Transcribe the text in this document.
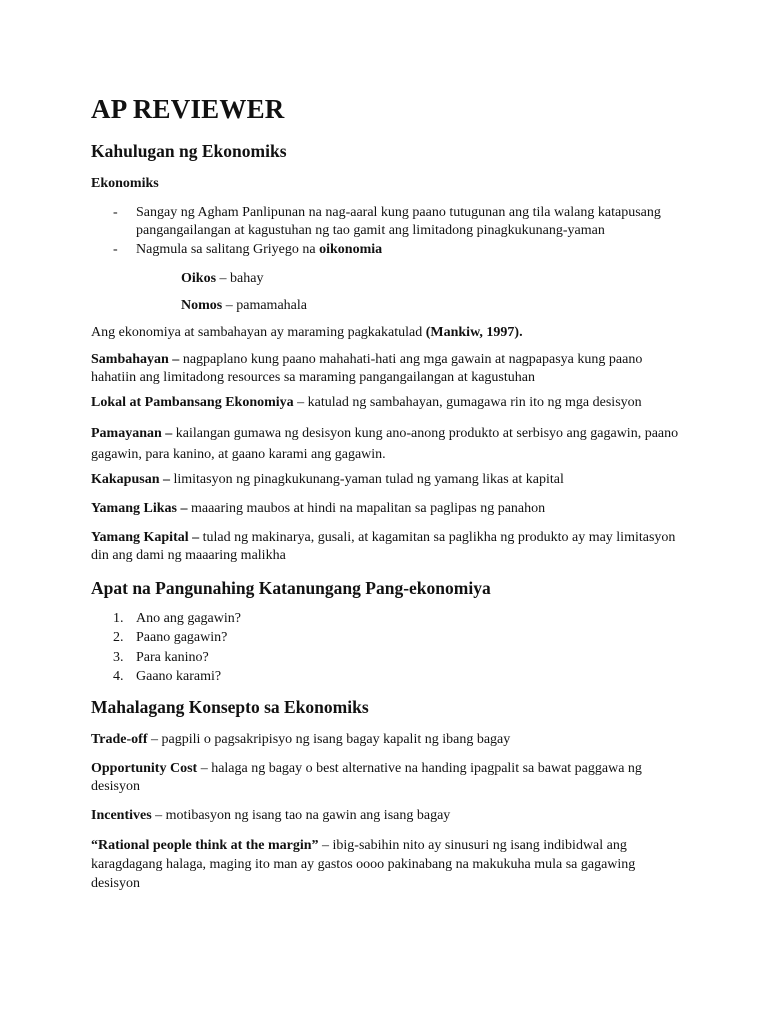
AP REVIEWER
Kahulugan ng Ekonomiks
Ekonomiks
- Sangay ng Agham Panlipunan na nag-aaral kung paano tutugunan ang tila walang katapusang pangangailangan at kagustuhan ng tao gamit ang limitadong pinagkukunang-yaman
- Nagmula sa salitang Griyego na oikonomia
Oikos – bahay
Nomos – pamamahala
Ang ekonomiya at sambahayan ay maraming pagkakatulad (Mankiw, 1997).
Sambahayan – nagpaplano kung paano mahahati-hati ang mga gawain at nagpapasya kung paano hahatiin ang limitadong resources sa maraming pangangailangan at kagustuhan
Lokal at Pambansang Ekonomiya – katulad ng sambahayan, gumagawa rin ito ng mga desisyon
Pamayanan – kailangan gumawa ng desisyon kung ano-anong produkto at serbisyo ang gagawin, paano gagawin, para kanino, at gaano karami ang gagawin.
Kakapusan – limitasyon ng pinagkukunang-yaman tulad ng yamang likas at kapital
Yamang Likas – maaaring maubos at hindi na mapalitan sa paglipas ng panahon
Yamang Kapital – tulad ng makinarya, gusali, at kagamitan sa paglikha ng produkto ay may limitasyon din ang dami ng maaaring malikha
Apat na Pangunahing Katanungang Pang-ekonomiya
1. Ano ang gagawin?
2. Paano gagawin?
3. Para kanino?
4. Gaano karami?
Mahalagang Konsepto sa Ekonomiks
Trade-off – pagpili o pagsakripisyo ng isang bagay kapalit ng ibang bagay
Opportunity Cost – halaga ng bagay o best alternative na handing ipagpalit sa bawat paggawa ng desisyon
Incentives – motibasyon ng isang tao na gawin ang isang bagay
“Rational people think at the margin” – ibig-sabihin nito ay sinusuri ng isang indibidwal ang karagdagang halaga, maging ito man ay gastos oooo pakinabang na makukuha mula sa gagawing desisyon
